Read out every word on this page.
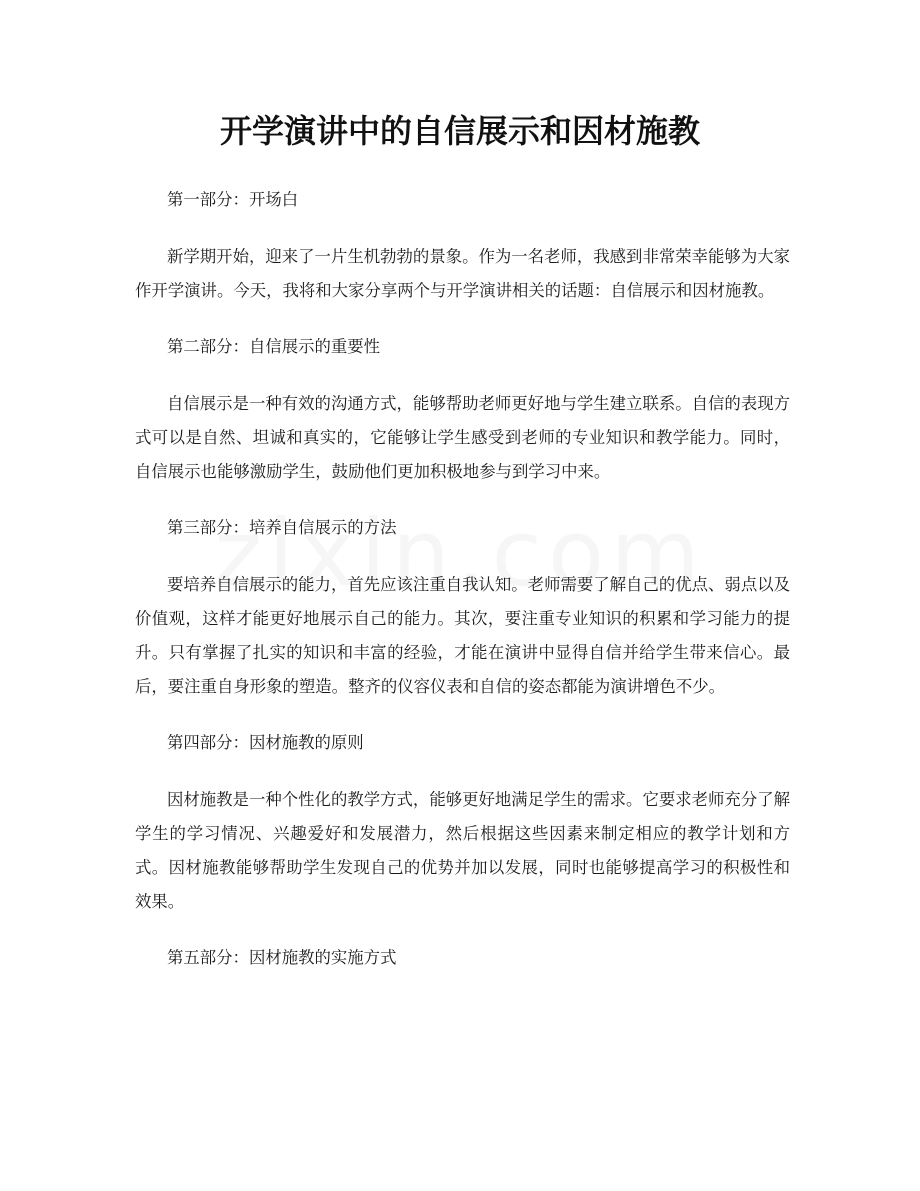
开学演讲中的自信展示和因材施教

第一部分：开场白

新学期开始，迎来了一片生机勃勃的景象。作为一名老师，我感到非常荣幸能够为大家作开学演讲。今天，我将和大家分享两个与开学演讲相关的话题：自信展示和因材施教。

第二部分：自信展示的重要性

自信展示是一种有效的沟通方式，能够帮助老师更好地与学生建立联系。自信的表现方式可以是自然、坦诚和真实的，它能够让学生感受到老师的专业知识和教学能力。同时，自信展示也能够激励学生，鼓励他们更加积极地参与到学习中来。

第三部分：培养自信展示的方法

要培养自信展示的能力，首先应该注重自我认知。老师需要了解自己的优点、弱点以及价值观，这样才能更好地展示自己的能力。其次，要注重专业知识的积累和学习能力的提升。只有掌握了扎实的知识和丰富的经验，才能在演讲中显得自信并给学生带来信心。最后，要注重自身形象的塑造。整齐的仪容仪表和自信的姿态都能为演讲增色不少。

第四部分：因材施教的原则

因材施教是一种个性化的教学方式，能够更好地满足学生的需求。它要求老师充分了解学生的学习情况、兴趣爱好和发展潜力，然后根据这些因素来制定相应的教学计划和方式。因材施教能够帮助学生发现自己的优势并加以发展，同时也能够提高学习的积极性和效果。

第五部分：因材施教的实施方式
